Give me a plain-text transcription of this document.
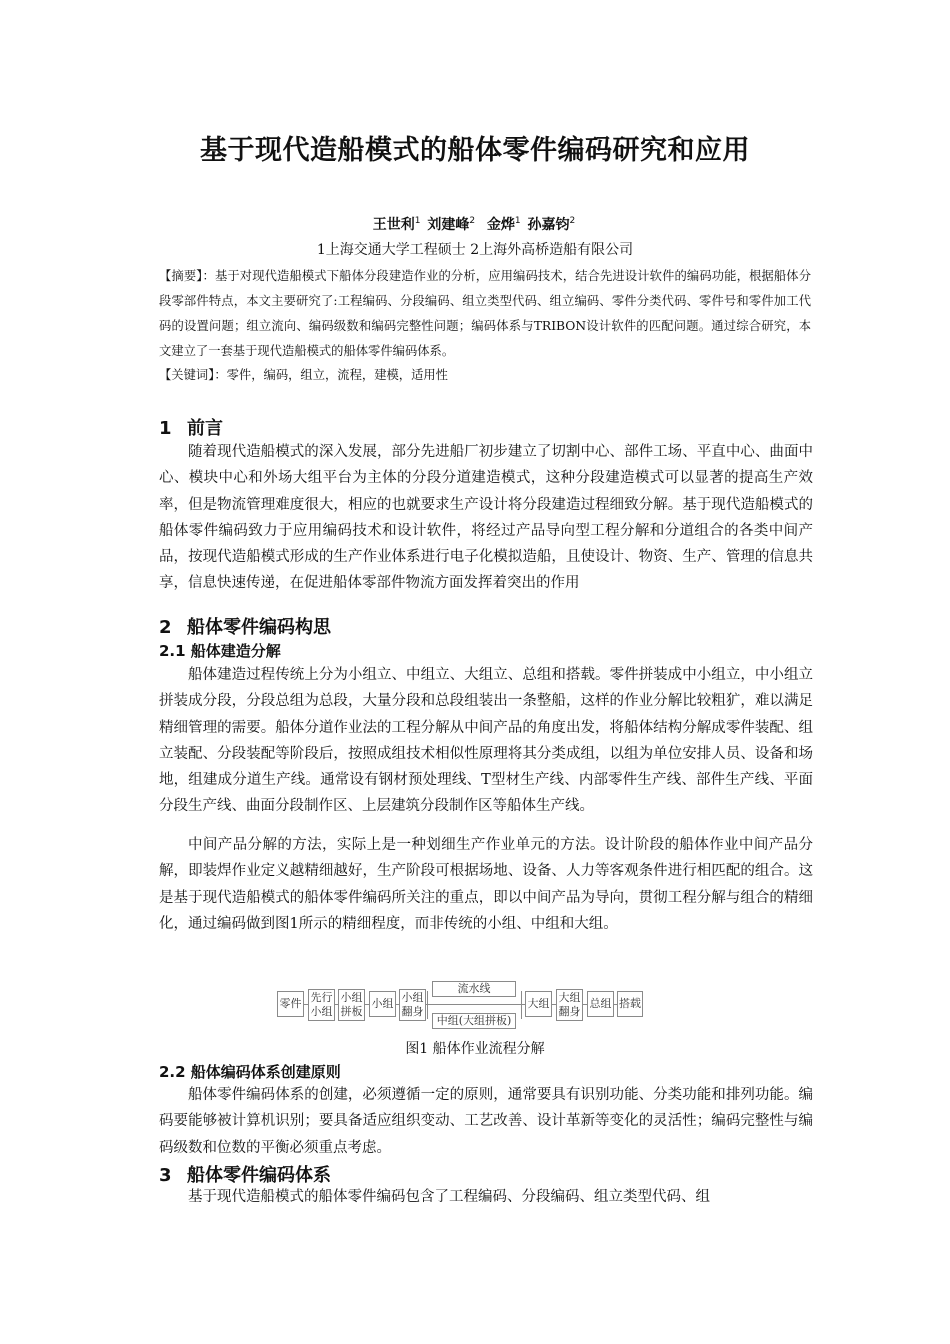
基于现代造船模式的船体零件编码研究和应用
王世利$^1$ 刘建峰$^2$ 金烨$^1$ 孙嘉钧$^2$
1上海交通大学工程硕士 2上海外高桥造船有限公司
【摘要】：基于对现代造船模式下船体分段建造作业的分析，应用编码技术，结合先进设计软件的编码功能，根据船体分段零部件特点，本文主要研究了:工程编码、分段编码、组立类型代码、组立编码、零件分类代码、零件号和零件加工代码的设置问题；组立流向、编码级数和编码完整性问题；编码体系与TRIBON设计软件的匹配问题。通过综合研究，本文建立了一套基于现代造船模式的船体零件编码体系。
【关键词】：零件，编码，组立，流程，建模，适用性
1 前言

随着现代造船模式的深入发展，部分先进船厂初步建立了切割中心、部件工场、平直中心、曲面中心、模块中心和外场大组平台为主体的分段分道建造模式，这种分段建造模式可以显著的提高生产效率，但是物流管理难度很大，相应的也就要求生产设计将分段建造过程细致分解。基于现代造船模式的船体零件编码致力于应用编码技术和设计软件，将经过产品导向型工程分解和分道组合的各类中间产品，按现代造船模式形成的生产作业体系进行电子化模拟造船，且使设计、物资、生产、管理的信息共享，信息快速传递，在促进船体零部件物流方面发挥着突出的作用

2 船体零件编码构思
2.1 船体建造分解

船体建造过程传统上分为小组立、中组立、大组立、总组和搭载。零件拼装成中小组立，中小组立拼装成分段，分段总组为总段，大量分段和总段组装出一条整船，这样的作业分解比较粗犷，难以满足精细管理的需要。船体分道作业法的工程分解从中间产品的角度出发，将船体结构分解成零件装配、组立装配、分段装配等阶段后，按照成组技术相似性原理将其分类成组，以组为单位安排人员、设备和场地，组建成分道生产线。通常设有钢材预处理线、T型材生产线、内部零件生产线、部件生产线、平面分段生产线、曲面分段制作区、上层建筑分段制作区等船体生产线。

中间产品分解的方法，实际上是一种划细生产作业单元的方法。设计阶段的船体作业中间产品分解，即装焊作业定义越精细越好，生产阶段可根据场地、设备、人力等客观条件进行相匹配的组合。这是基于现代造船模式的船体零件编码所关注的重点，即以中间产品为导向，贯彻工程分解与组合的精细化，通过编码做到图1所示的精细程度，而非传统的小组、中组和大组。

零件 先行
小组
小组
拼板
小组 小组
翻身
流水线
中组(大组拼板)
大组 大组
翻身
总组 搭载
图1 船体作业流程分解
2.2 船体编码体系创建原则

船体零件编码体系的创建，必须遵循一定的原则，通常要具有识别功能、分类功能和排列功能。编码要能够被计算机识别；要具备适应组织变动、工艺改善、设计革新等变化的灵活性；编码完整性与编码级数和位数的平衡必须重点考虑。

3 船体零件编码体系

基于现代造船模式的船体零件编码包含了工程编码、分段编码、组立类型代码、组
